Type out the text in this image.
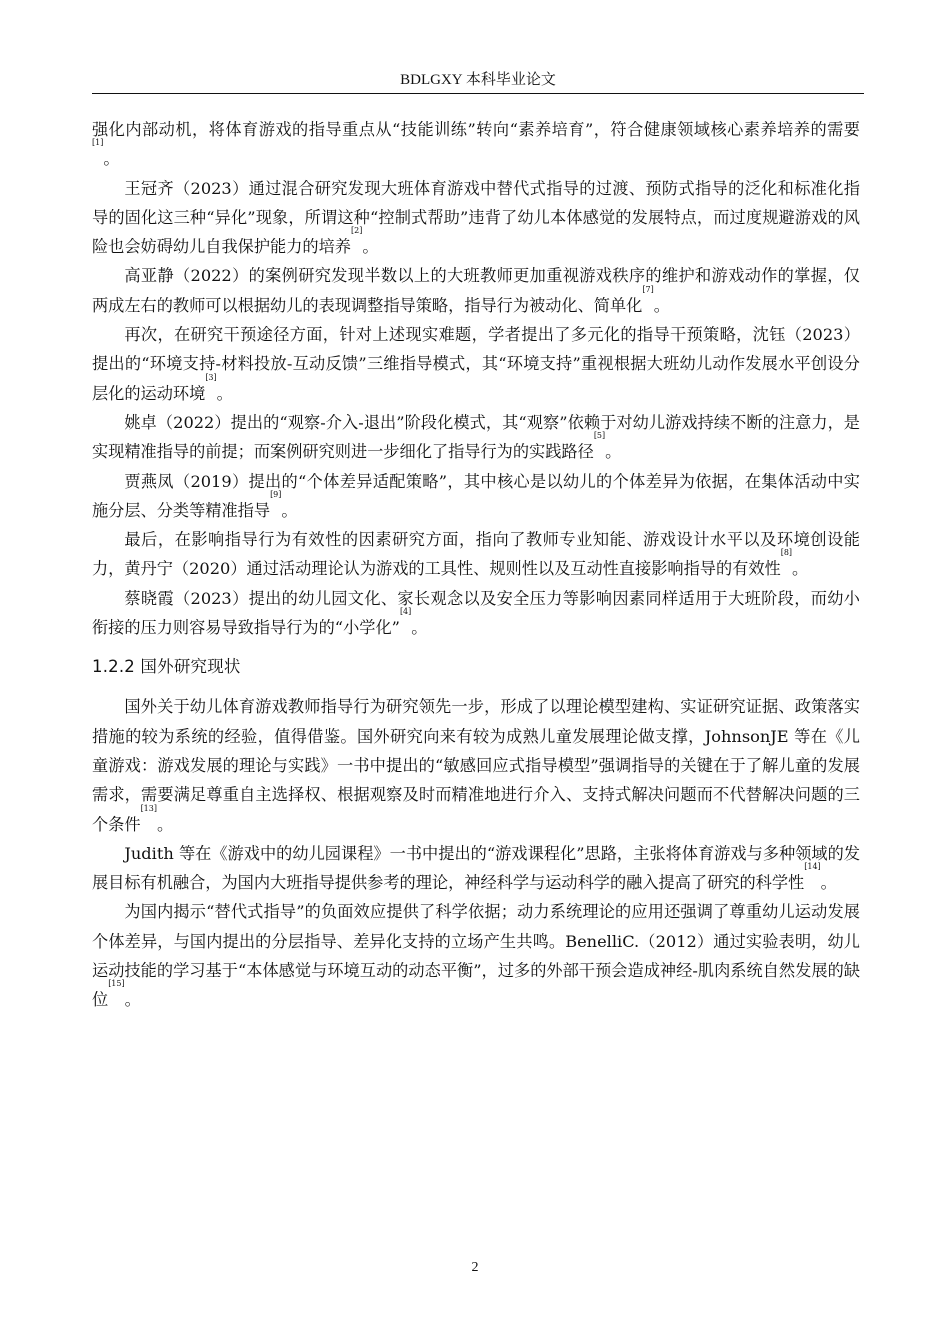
BDLGXY 本科毕业论文

强化内部动机，将体育游戏的指导重点从“技能训练”转向“素养培育”，符合健康领域核心素养培养的需要[1]。

王冠齐（2023）通过混合研究发现大班体育游戏中替代式指导的过渡、预防式指导的泛化和标准化指导的固化这三种“异化”现象，所谓这种“控制式帮助”违背了幼儿本体感觉的发展特点，而过度规避游戏的风险也会妨碍幼儿自我保护能力的培养[2]。

高亚静（2022）的案例研究发现半数以上的大班教师更加重视游戏秩序的维护和游戏动作的掌握，仅两成左右的教师可以根据幼儿的表现调整指导策略，指导行为被动化、简单化[7]。

再次，在研究干预途径方面，针对上述现实难题，学者提出了多元化的指导干预策略，沈钰（2023）提出的“环境支持-材料投放-互动反馈”三维指导模式，其“环境支持”重视根据大班幼儿动作发展水平创设分层化的运动环境[3]。

姚卓（2022）提出的“观察-介入-退出”阶段化模式，其“观察”依赖于对幼儿游戏持续不断的注意力，是实现精准指导的前提；而案例研究则进一步细化了指导行为的实践路径[5]。

贾燕凤（2019）提出的“个体差异适配策略”，其中核心是以幼儿的个体差异为依据，在集体活动中实施分层、分类等精准指导[9]。

最后，在影响指导行为有效性的因素研究方面，指向了教师专业知能、游戏设计水平以及环境创设能力，黄丹宁（2020）通过活动理论认为游戏的工具性、规则性以及互动性直接影响指导的有效性[8]。

蔡晓霞（2023）提出的幼儿园文化、家长观念以及安全压力等影响因素同样适用于大班阶段，而幼小衔接的压力则容易导致指导行为的“小学化”[4]。

1.2.2 国外研究现状

国外关于幼儿体育游戏教师指导行为研究领先一步，形成了以理论模型建构、实证研究证据、政策落实措施的较为系统的经验，值得借鉴。国外研究向来有较为成熟儿童发展理论做支撑，JohnsonJE 等在《儿童游戏：游戏发展的理论与实践》一书中提出的“敏感回应式指导模型”强调指导的关键在于了解儿童的发展需求，需要满足尊重自主选择权、根据观察及时而精准地进行介入、支持式解决问题而不代替解决问题的三个条件[13]。

Judith 等在《游戏中的幼儿园课程》一书中提出的“游戏课程化”思路，主张将体育游戏与多种领域的发展目标有机融合，为国内大班指导提供参考的理论，神经科学与运动科学的融入提高了研究的科学性[14]。

为国内揭示“替代式指导”的负面效应提供了科学依据；动力系统理论的应用还强调了尊重幼儿运动发展个体差异，与国内提出的分层指导、差异化支持的立场产生共鸣。BenelliC.（2012）通过实验表明，幼儿运动技能的学习基于“本体感觉与环境互动的动态平衡”，过多的外部干预会造成神经-肌肉系统自然发展的缺位[15]。

2
